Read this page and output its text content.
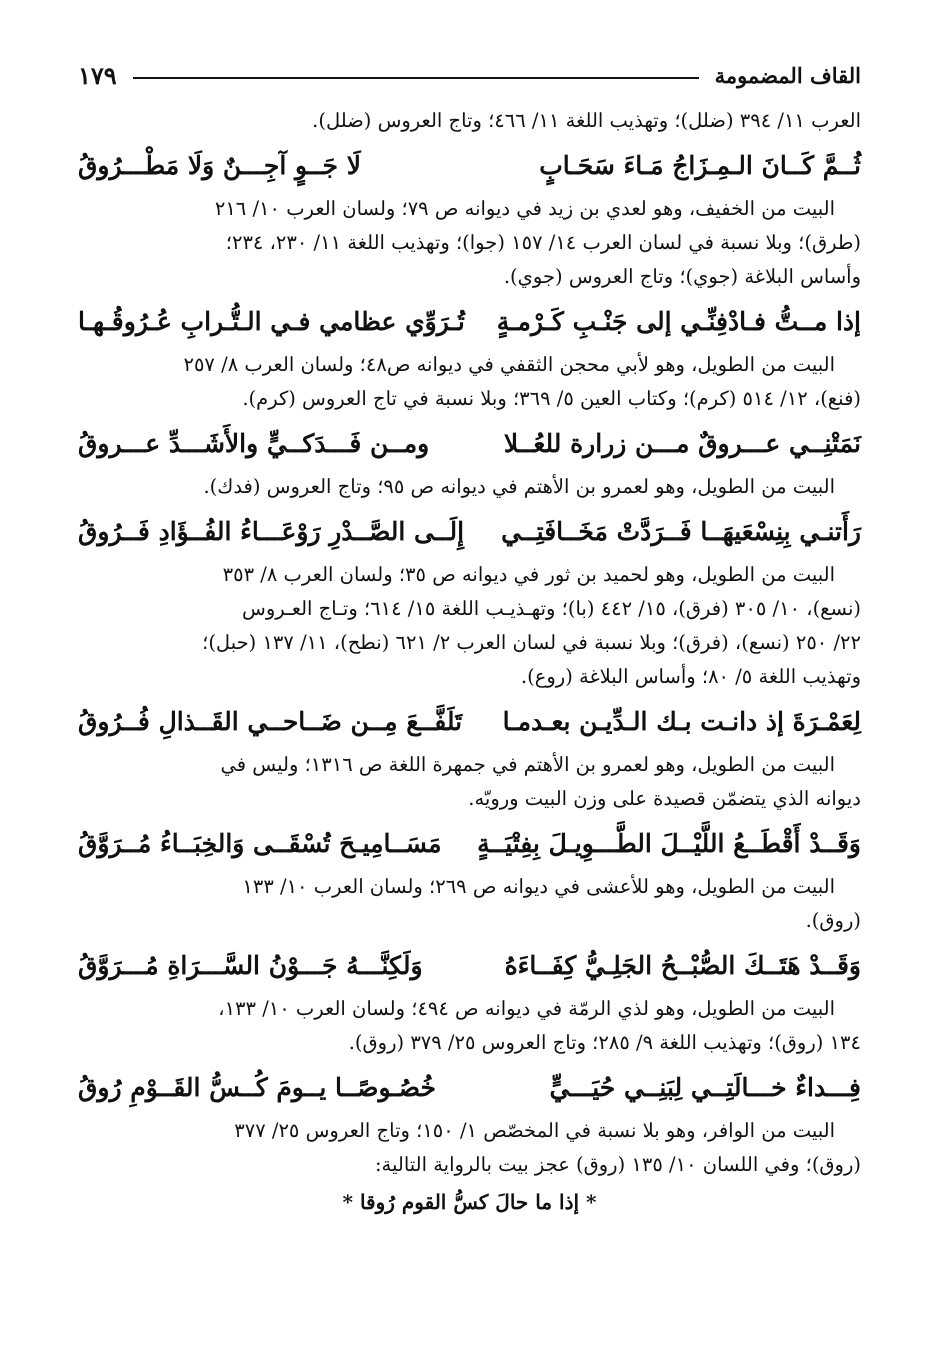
القاف المضمومة
١٧٩
العرب ١١/ ٣٩٤ (ضلل)؛ وتهذيب اللغة ١١/ ٤٦٦؛ وتاج العروس (ضلل).
ثُــمَّ كَــانَ الـمِـزَاجُ مَـاءَ سَحَـابٍ
لَا جَــوٍ آجِـــنٌ وَلَا مَطْـــرُوقُ
البيت من الخفيف، وهو لعدي بن زيد في ديوانه ص ٧٩؛ ولسان العرب ١٠/ ٢١٦
(طرق)؛ وبلا نسبة في لسان العرب ١٤/ ١٥٧ (جوا)؛ وتهذيب اللغة ١١/ ٢٣٠، ٢٣٤؛
وأساس البلاغة (جوي)؛ وتاج العروس (جوي).
إذا مــتُّ فـادْفِنِّـي إلى جَنْـبِ كَـرْمـةٍ
تُـرَوِّي عظامي فـي الـتُّـرابِ عُـرُوقُـهـا
البيت من الطويل، وهو لأبي محجن الثقفي في ديوانه ص٤٨؛ ولسان العرب ٨/ ٢٥٧
(فنع)، ١٢/ ٥١٤ (كرم)؛ وكتاب العين ٥/ ٣٦٩؛ وبلا نسبة في تاج العروس (كرم).
نَمَتْنِــي عـــروقٌ مـــن زرارة للعُــلا
ومــن فَـــدَكــيٍّ والأَشَـــدِّ عـــروقُ
البيت من الطويل، وهو لعمرو بن الأهتم في ديوانه ص ٩٥؛ وتاج العروس (فدك).
رَأَتنـي بِنِسْعَيهَــا فَــرَدَّتْ مَخَــافَتِــي
إِلَــى الصَّــدْرِ رَوْعَـــاءُ الفُــؤَادِ فَــرُوقُ
البيت من الطويل، وهو لحميد بن ثور في ديوانه ص ٣٥؛ ولسان العرب ٨/ ٣٥٣
(نسع)، ١٠/ ٣٠٥ (فرق)، ١٥/ ٤٤٢ (با)؛ وتهـذيـب اللغة ١٥/ ٦١٤؛ وتـاج العـروس
٢٢/ ٢٥٠ (نسع)، (فرق)؛ وبلا نسبة في لسان العرب ٢/ ٦٢١ (نطح)، ١١/ ١٣٧ (حبل)؛
وتهذيب اللغة ٥/ ٨٠؛ وأساس البلاغة (روع).
لِعَمْـرَةَ إذ دانـت بـك الـدِّيـن بعـدمـا
تَلَفَّــعَ مِــن ضَــاحــي القَــذالِ فُــرُوقُ
البيت من الطويل، وهو لعمرو بن الأهتم في جمهرة اللغة ص ١٣١٦؛ وليس في
ديوانه الذي يتضمّن قصيدة على وزن البيت ورويّه.
وَقَــدْ أَقْطَــعُ اللَّيْــلَ الطَّـــوِيـلَ بِفِتْيَــةٍ
مَسَــامِيـحَ تُسْقَــى وَالخِبَــاءُ مُــرَوَّقُ
البيت من الطويل، وهو للأعشى في ديوانه ص ٢٦٩؛ ولسان العرب ١٠/ ١٣٣
(روق).
وَقَــدْ هَتَــكَ الصُّبْــحُ الجَلِـيُّ كِفَــاءَهُ
وَلَكِنَّـــهُ جَـــوْنُ السَّـــرَاةِ مُـــرَوَّقُ
البيت من الطويل، وهو لذي الرمّة في ديوانه ص ٤٩٤؛ ولسان العرب ١٠/ ١٣٣،
١٣٤ (روق)؛ وتهذيب اللغة ٩/ ٢٨٥؛ وتاج العروس ٢٥/ ٣٧٩ (روق).
فِـــداءٌ خـــالَتِــي لِبَنِــي حُيَـــيٍّ
خُصُـوصًــا يــومَ كُــسُّ القَــوْمِ رُوقُ
البيت من الوافر، وهو بلا نسبة في المخصّص ١/ ١٥٠؛ وتاج العروس ٢٥/ ٣٧٧
(روق)؛ وفي اللسان ١٠/ ١٣٥ (روق) عجز بيت بالرواية التالية:
* إذا ما حالَ كسُّ القوم رُوقا *
